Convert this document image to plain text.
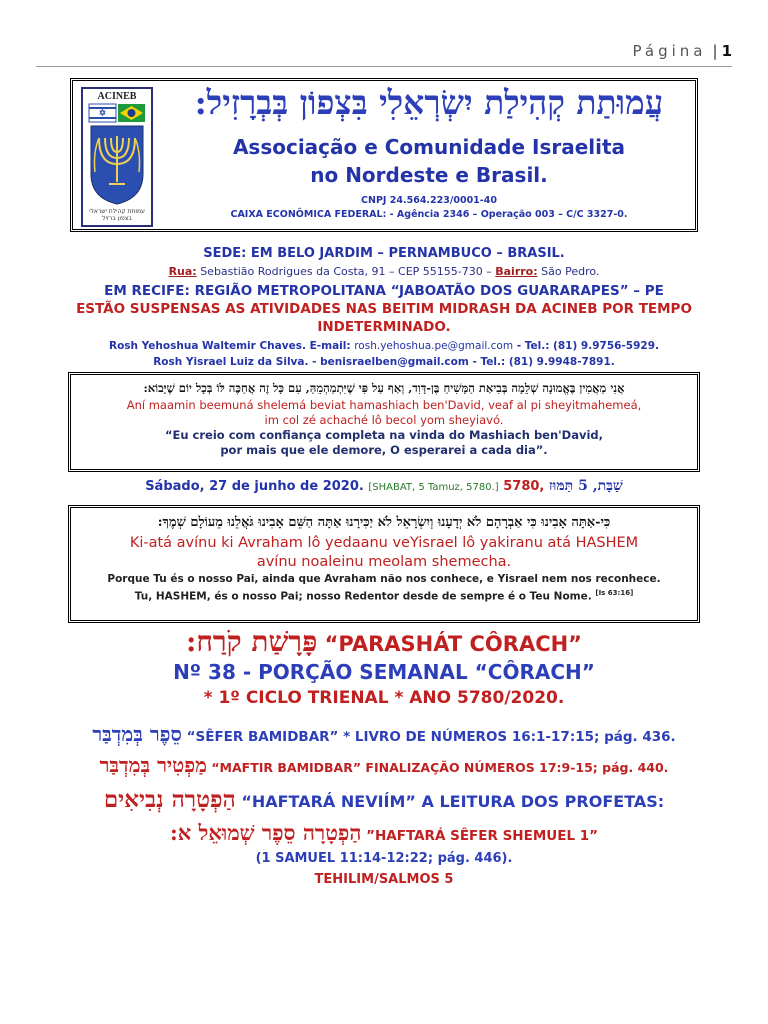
Página | 1
ACINEB
עמותת קהילת ישראלי בצפון ברזיל
עֲמוּתַת קְהִילַת יִשְׂרְאֵלִי בִּצְפוֹן בְּבְרָזִיל:
Associação e Comunidade Israelita
no Nordeste e Brasil.
CNPJ 24.564.223/0001-40
CAIXA ECONÔMICA FEDERAL: - Agência 2346 – Operação 003 – C/C 3327-0.
SEDE: EM BELO JARDIM – PERNAMBUCO – BRASIL.
Rua: Sebastião Rodrigues da Costa, 91 – CEP 55155-730 – Bairro: São Pedro.
EM RECIFE: REGIÃO METROPOLITANA “JABOATÃO DOS GUARARAPES” – PE
ESTÃO SUSPENSAS AS ATIVIDADES NAS BEITIM MIDRASH DA ACINEB POR TEMPO INDETERMINADO.
Rosh Yehoshua Waltemir Chaves. E-mail: rosh.yehoshua.pe@gmail.com - Tel.: (81) 9.9756-5929.
Rosh Yisrael Luiz da Silva. - benisraelben@gmail.com - Tel.: (81) 9.9948-7891.
אֲנִי מַאֲמִין בֶּאֱמוּנָה שְׁלֵמָה בְּבִיאַת הַמָּשִׁיחַ בֶּן-דָּוִד, וְאַף עַל פִּי שֶׁיִּתְמַהְמֵהַּ, עִם כָּל זֶה אֲחַכֶּה לּוֹ בְּכָל יוֹם שֶׁיָּבוֹא:
Aní maamin beemuná shelemá beviat hamashiach ben'David, veaf al pi sheyitmahemeá,
im col zé achaché lô becol yom sheyiavó.
“Eu creio com confiança completa na vinda do Mashiach ben'David,
por mais que ele demore, O esperarei a cada dia”.
Sábado, 27 de junho de 2020. [SHABAT, 5 Tamuz, 5780.] 5780, שַׁבָּת, 5 תַּמּוּז
כִּי-אַתָּה אָבִינוּ כִּי אַבְרָהָם לֹא יְדָעָנוּ וְיִשְׂרָאֵל לֹא יַכִּירָנוּ אַתָּה הַשֵּׁם אָבִינוּ גֹּאֲלֵנוּ מֵעוֹלָם שְׁמֶךָ:
Ki-atá avínu ki Avraham lô yedaanu veYisrael lô yakiranu atá HASHEM
avínu noaleinu meolam shemecha.
Porque Tu és o nosso Pai, ainda que Avraham não nos conhece, e Yisrael nem nos reconhece.
Tu, HASHEM, és o nosso Pai; nosso Redentor desde de sempre é o Teu Nome. [Is 63:16]
פָּרָשַׁת קֹרַח: “PARASHÁT CÔRACH”
Nº 38 - PORÇÃO SEMANAL “CÔRACH”
* 1º CICLO TRIENAL * ANO 5780/2020.
סֵפֶר בְּמִדְבַּר “SÊFER BAMIDBAR” * LIVRO DE NÚMEROS 16:1-17:15; pág. 436.
מַפְטִיר בְּמִדְבַּר “MAFTIR BAMIDBAR” FINALIZAÇÃO NÚMEROS 17:9-15; pág. 440.
הַפְטָרָה נְבִיאִים “HAFTARÁ NEVIÍM” A LEITURA DOS PROFETAS:
הַפְטָרָה סֵפֶר שְׁמוּאֵל א: ”HAFTARÁ SÊFER SHEMUEL 1”
(1 SAMUEL 11:14-12:22; pág. 446).
TEHILIM/SALMOS 5
